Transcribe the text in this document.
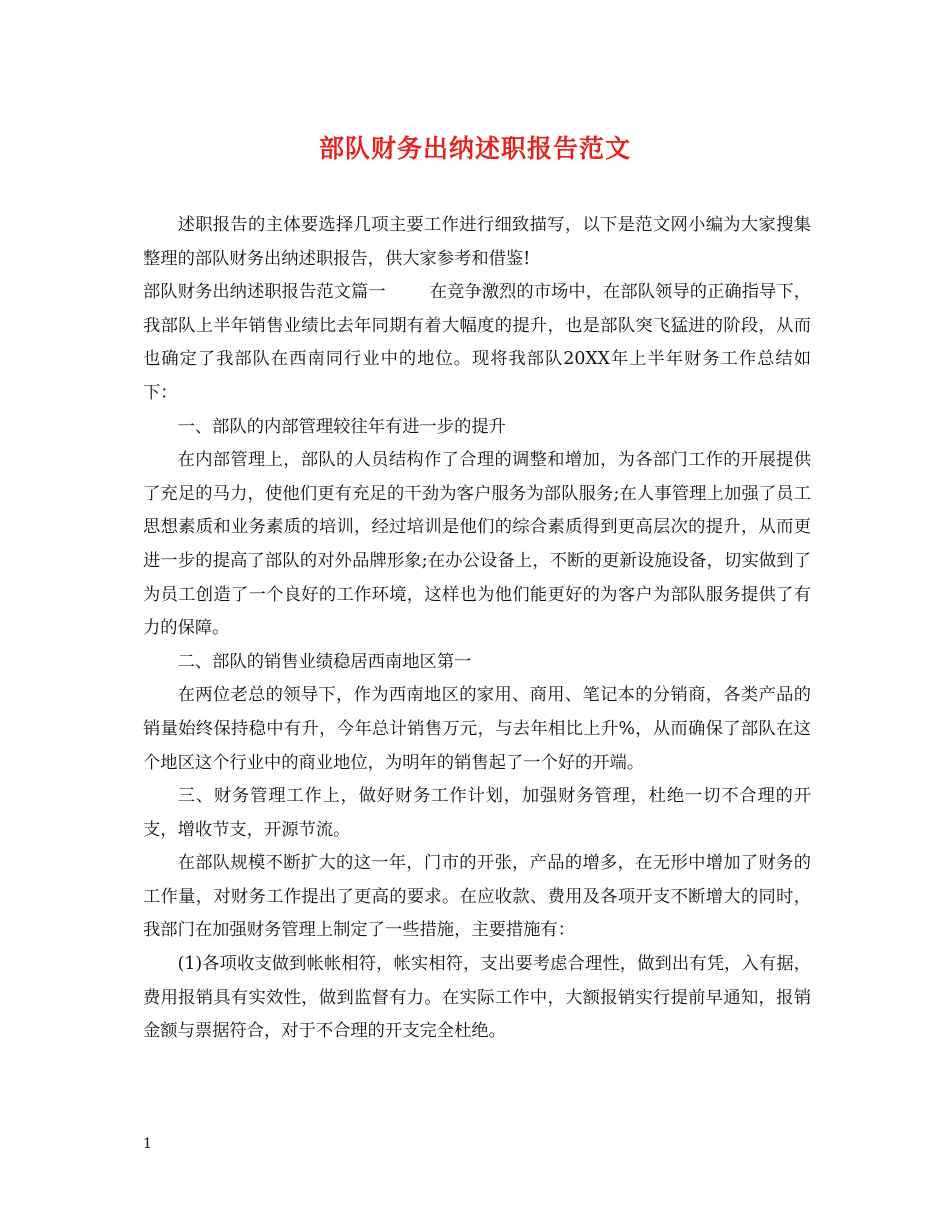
部队财务出纳述职报告范文

述职报告的主体要选择几项主要工作进行细致描写，以下是范文网小编为大家搜集整理的部队财务出纳述职报告，供大家参考和借鉴!

部队财务出纳述职报告范文篇一	在竞争激烈的市场中，在部队领导的正确指导下，我部队上半年销售业绩比去年同期有着大幅度的提升，也是部队突飞猛进的阶段，从而也确定了我部队在西南同行业中的地位。现将我部队20XX年上半年财务工作总结如下：

一、部队的内部管理较往年有进一步的提升

在内部管理上，部队的人员结构作了合理的调整和增加，为各部门工作的开展提供了充足的马力，使他们更有充足的干劲为客户服务为部队服务;在人事管理上加强了员工思想素质和业务素质的培训，经过培训是他们的综合素质得到更高层次的提升，从而更进一步的提高了部队的对外品牌形象;在办公设备上，不断的更新设施设备，切实做到了为员工创造了一个良好的工作环境，这样也为他们能更好的为客户为部队服务提供了有力的保障。

二、部队的销售业绩稳居西南地区第一

在两位老总的领导下，作为西南地区的家用、商用、笔记本的分销商，各类产品的销量始终保持稳中有升，今年总计销售万元，与去年相比上升%，从而确保了部队在这个地区这个行业中的商业地位，为明年的销售起了一个好的开端。

三、财务管理工作上，做好财务工作计划，加强财务管理，杜绝一切不合理的开支，增收节支，开源节流。

在部队规模不断扩大的这一年，门市的开张，产品的增多，在无形中增加了财务的工作量，对财务工作提出了更高的要求。在应收款、费用及各项开支不断增大的同时，我部门在加强财务管理上制定了一些措施，主要措施有：

(1)各项收支做到帐帐相符，帐实相符，支出要考虑合理性，做到出有凭，入有据，费用报销具有实效性，做到监督有力。在实际工作中，大额报销实行提前早通知，报销金额与票据符合，对于不合理的开支完全杜绝。

1
